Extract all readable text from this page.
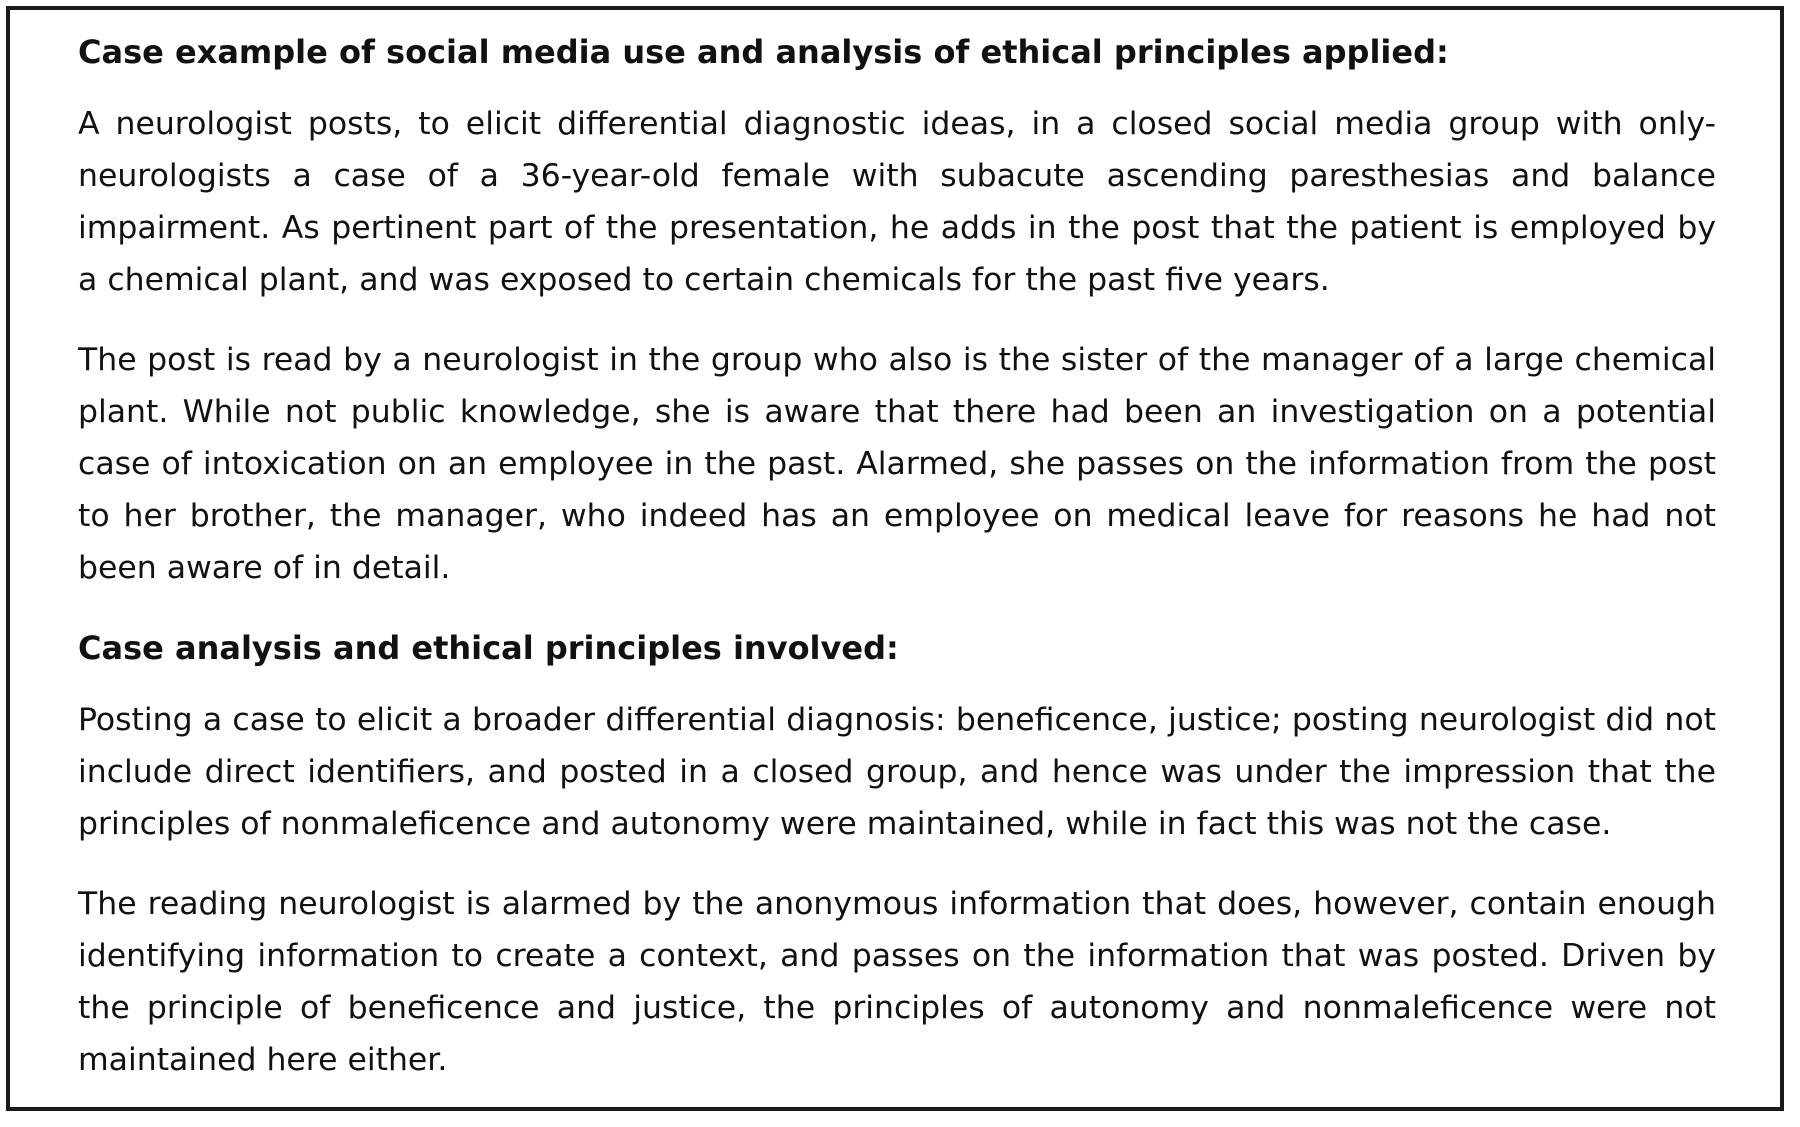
Case example of social media use and analysis of ethical principles applied:
A neurologist posts, to elicit differential diagnostic ideas, in a closed social media group with only-neurologists a case of a 36-year-old female with subacute ascending paresthesias and balance impairment. As pertinent part of the presentation, he adds in the post that the patient is employed by a chemical plant, and was exposed to certain chemicals for the past five years.
The post is read by a neurologist in the group who also is the sister of the manager of a large chemical plant. While not public knowledge, she is aware that there had been an investigation on a potential case of intoxication on an employee in the past. Alarmed, she passes on the information from the post to her brother, the manager, who indeed has an employee on medical leave for reasons he had not been aware of in detail.
Case analysis and ethical principles involved:
Posting a case to elicit a broader differential diagnosis: beneficence, justice; posting neurologist did not include direct identifiers, and posted in a closed group, and hence was under the impression that the principles of nonmaleficence and autonomy were maintained, while in fact this was not the case.
The reading neurologist is alarmed by the anonymous information that does, however, contain enough identifying information to create a context, and passes on the information that was posted. Driven by the principle of beneficence and justice, the principles of autonomy and nonmaleficence were not maintained here either.
